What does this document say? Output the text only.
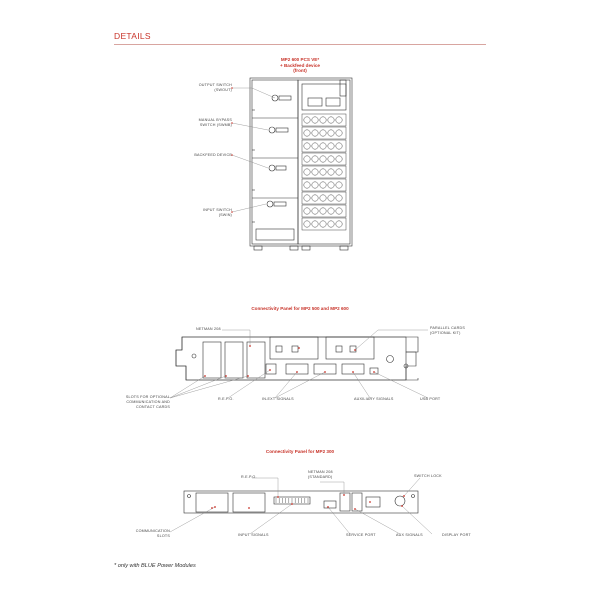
DETAILS
MP2 600 PCS VE*
+ Backfeed device
(front)
OUTPUT SWITCH
(SWOUT)
MANUAL BYPASS
SWITCH (SWMB)
BACKFEED DEVICE
INPUT SWITCH
(SWIN)
Connectivity Panel for MP2 500 and MP2 600
NETMAN 208	PARALLEL CARDS
(OPTIONAL KIT)
SLOTS FOR OPTIONAL
COMMUNICATION AND
CONTACT CARDS
R.E.P.O.	IN-EXT SIGNALS	AUXILIARY SIGNALS	USB PORT
Connectivity Panel for MP2 300
R.E.P.O.
NETMAN 208
(STANDARD)	SWITCH LOCK
COMMUNICATION
SLOTS	INPUT SIGNALS	SERVICE PORT	AUX SIGNALS	DISPLAY PORT
* only with BLUE Power Modules
